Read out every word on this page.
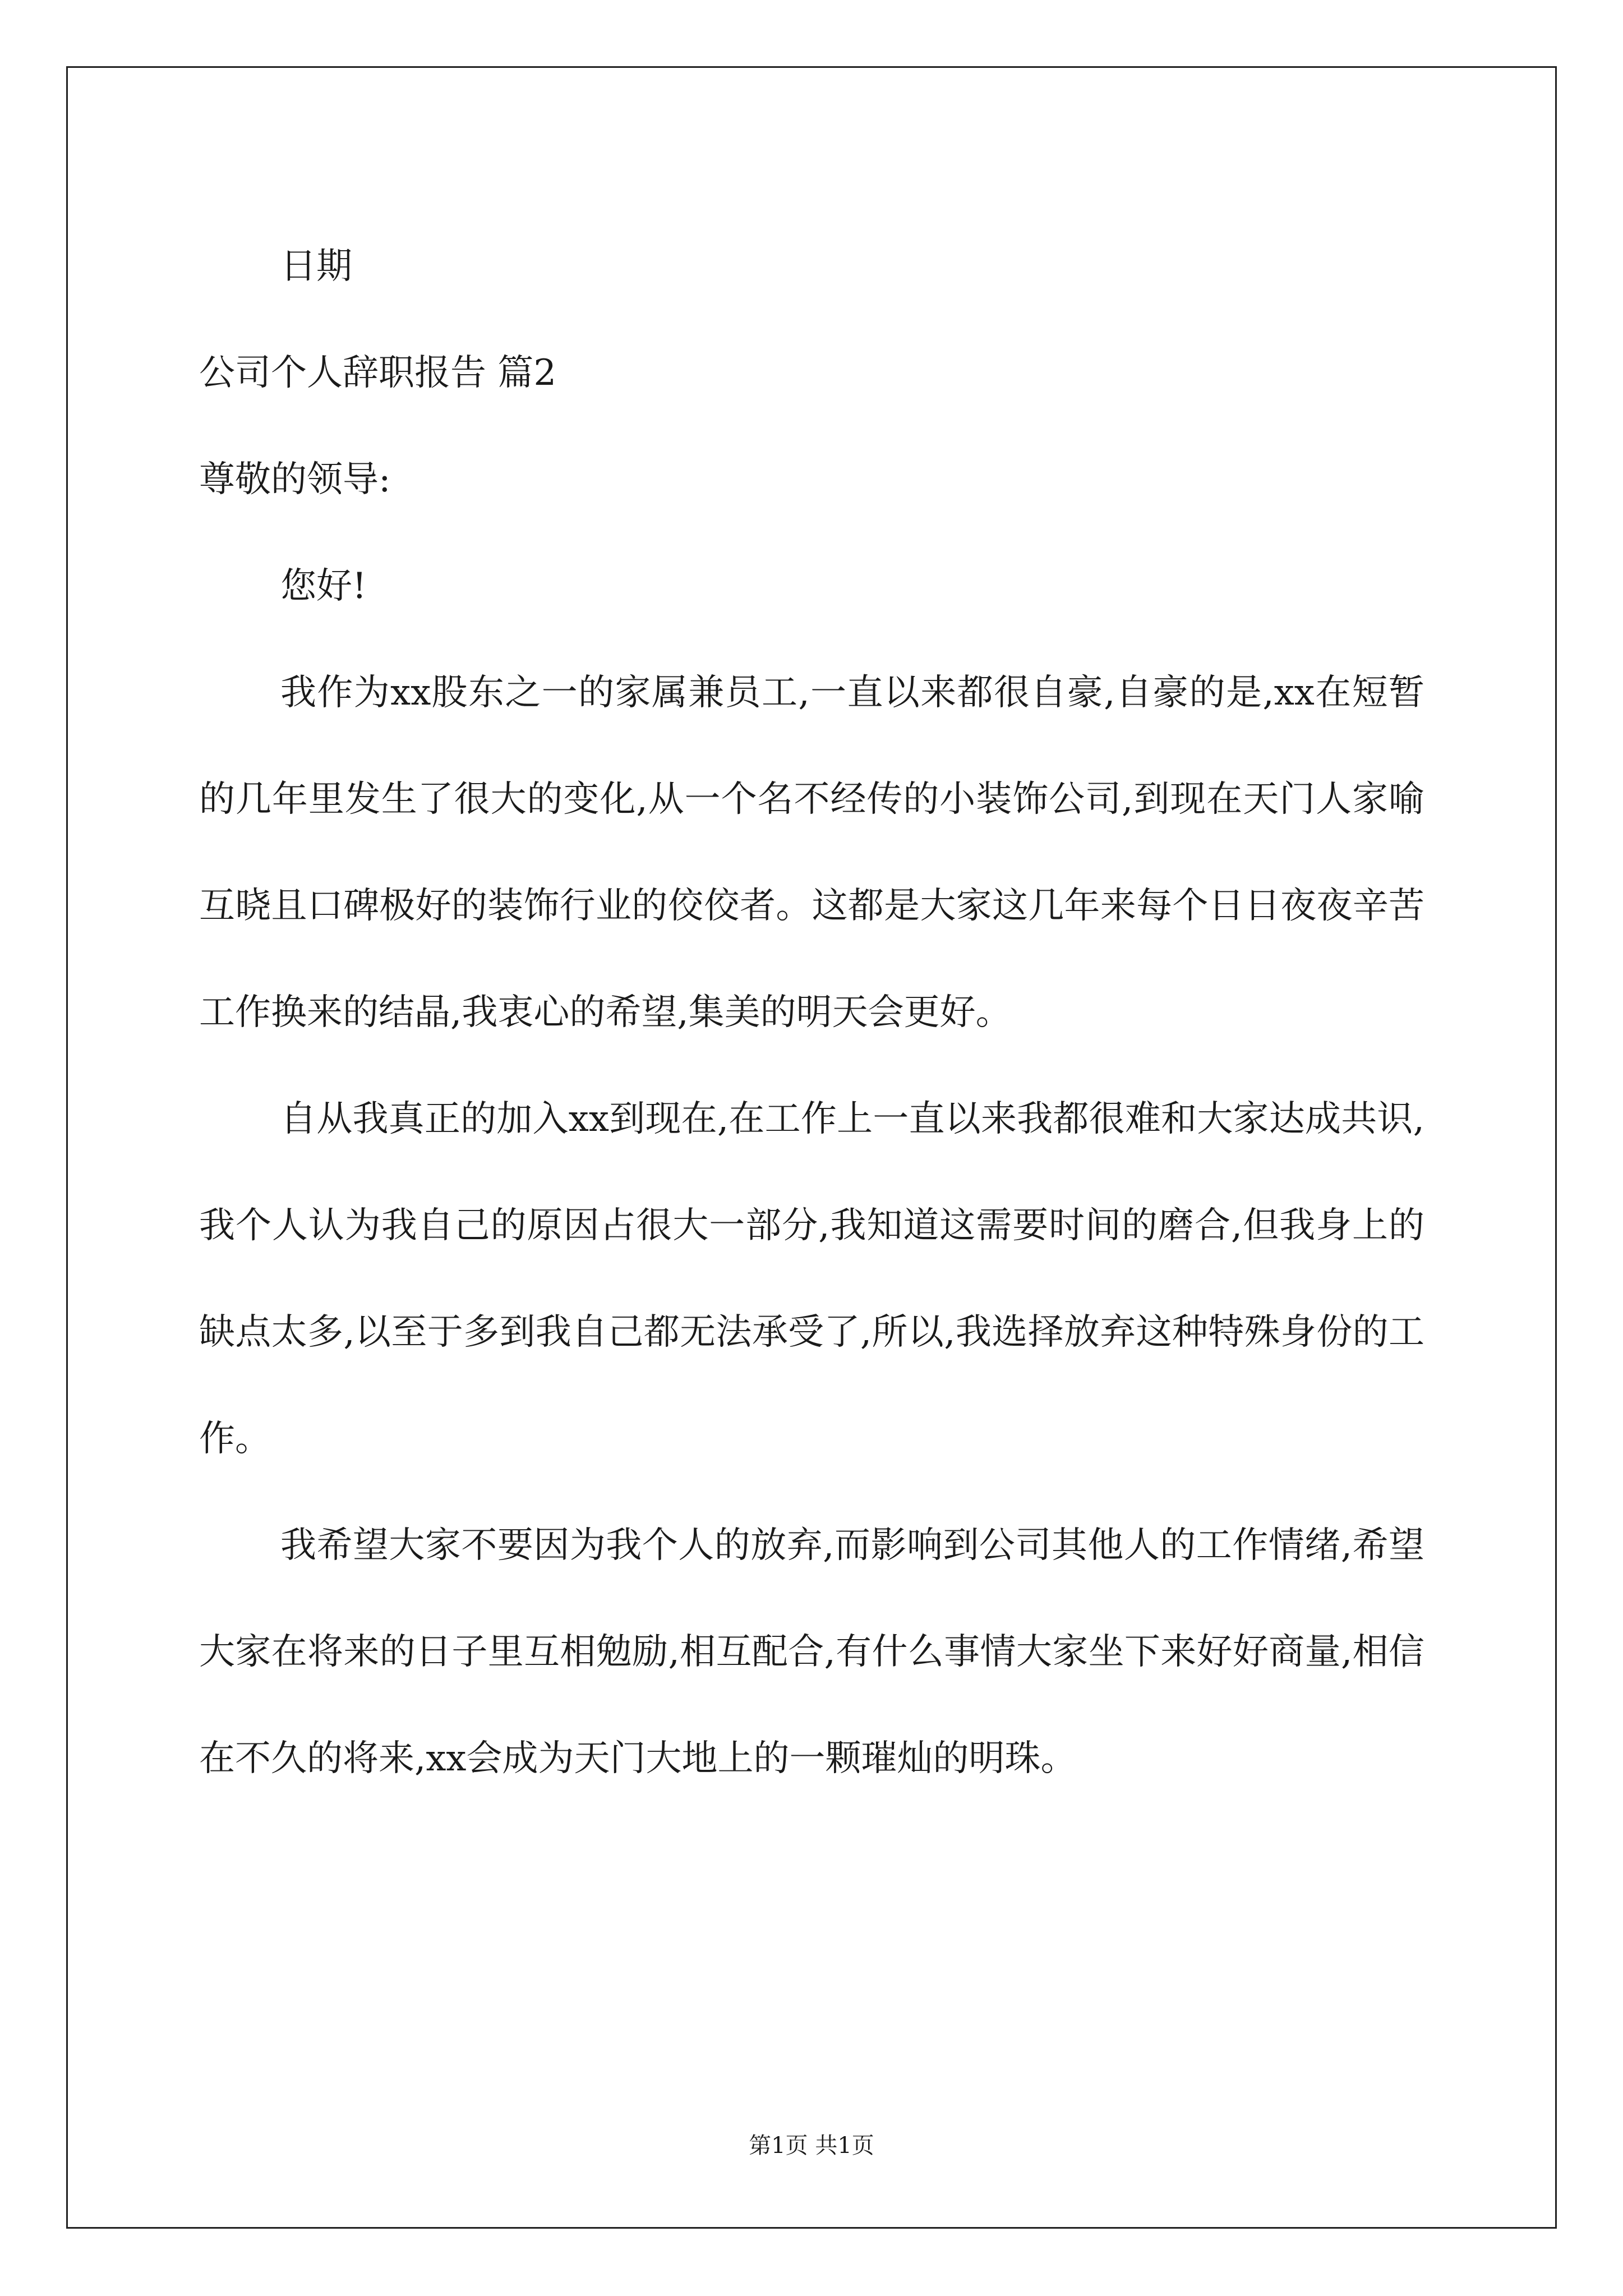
日期
公司个人辞职报告 篇2
尊敬的领导:
您好!

我作为xx股东之一的家属兼员工,一直以来都很自豪,自豪的是,xx在短暂的几年里发生了很大的变化,从一个名不经传的小装饰公司,到现在天门人家喻互晓且口碑极好的装饰行业的佼佼者。这都是大家这几年来每个日日夜夜辛苦工作换来的结晶,我衷心的希望,集美的明天会更好。

自从我真正的加入xx到现在,在工作上一直以来我都很难和大家达成共识,我个人认为我自己的原因占很大一部分,我知道这需要时间的磨合,但我身上的缺点太多,以至于多到我自己都无法承受了,所以,我选择放弃这种特殊身份的工作。

我希望大家不要因为我个人的放弃,而影响到公司其他人的工作情绪,希望大家在将来的日子里互相勉励,相互配合,有什么事情大家坐下来好好商量,相信在不久的将来,xx会成为天门大地上的一颗璀灿的明珠。

第1页 共1页
